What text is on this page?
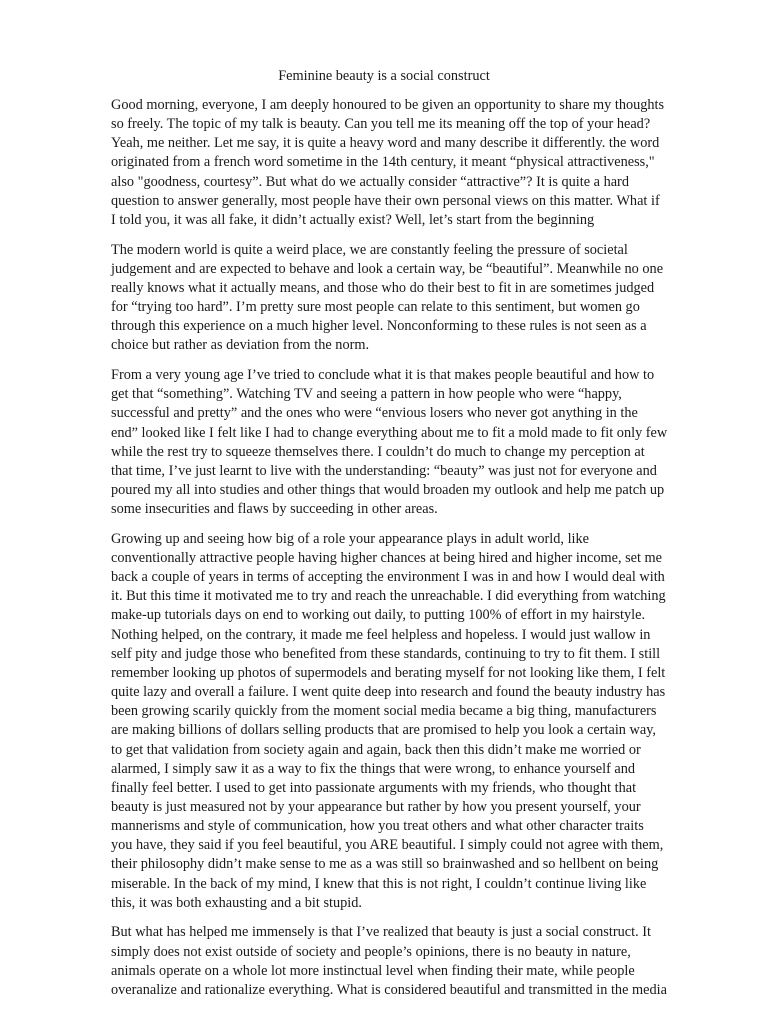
Feminine beauty is a social construct

Good morning, everyone, I am deeply honoured to be given an opportunity to share my thoughts
so freely. The topic of my talk is beauty. Can you tell me its meaning off the top of your head?
Yeah, me neither. Let me say, it is quite a heavy word and many describe it differently. the word
originated from a french word sometime in the 14th century, it meant “physical attractiveness,"
also "goodness, courtesy”. But what do we actually consider “attractive”? It is quite a hard
question to answer generally, most people have their own personal views on this matter. What if
I told you, it was all fake, it didn’t actually exist? Well, let’s start from the beginning

The modern world is quite a weird place, we are constantly feeling the pressure of societal
judgement and are expected to behave and look a certain way, be “beautiful”. Meanwhile no one
really knows what it actually means, and those who do their best to fit in are sometimes judged
for “trying too hard”. I’m pretty sure most people can relate to this sentiment, but women go
through this experience on a much higher level. Nonconforming to these rules is not seen as a
choice but rather as deviation from the norm.

From a very young age I’ve tried to conclude what it is that makes people beautiful and how to
get that “something”. Watching TV and seeing a pattern in how people who were “happy,
successful and pretty” and the ones who were “envious losers who never got anything in the
end” looked like I felt like I had to change everything about me to fit a mold made to fit only few
while the rest try to squeeze themselves there. I couldn’t do much to change my perception at
that time, I’ve just learnt to live with the understanding: “beauty” was just not for everyone and
poured my all into studies and other things that would broaden my outlook and help me patch up
some insecurities and flaws by succeeding in other areas.

Growing up and seeing how big of a role your appearance plays in adult world, like
conventionally attractive people having higher chances at being hired and higher income, set me
back a couple of years in terms of accepting the environment I was in and how I would deal with
it. But this time it motivated me to try and reach the unreachable. I did everything from watching
make-up tutorials days on end to working out daily, to putting 100% of effort in my hairstyle.
Nothing helped, on the contrary, it made me feel helpless and hopeless. I would just wallow in
self pity and judge those who benefited from these standards, continuing to try to fit them. I still
remember looking up photos of supermodels and berating myself for not looking like them, I felt
quite lazy and overall a failure. I went quite deep into research and found the beauty industry has
been growing scarily quickly from the moment social media became a big thing, manufacturers
are making billions of dollars selling products that are promised to help you look a certain way,
to get that validation from society again and again, back then this didn’t make me worried or
alarmed, I simply saw it as a way to fix the things that were wrong, to enhance yourself and
finally feel better. I used to get into passionate arguments with my friends, who thought that
beauty is just measured not by your appearance but rather by how you present yourself, your
mannerisms and style of communication, how you treat others and what other character traits
you have, they said if you feel beautiful, you ARE beautiful. I simply could not agree with them,
their philosophy didn’t make sense to me as a was still so brainwashed and so hellbent on being
miserable. In the back of my mind, I knew that this is not right, I couldn’t continue living like
this, it was both exhausting and a bit stupid.

But what has helped me immensely is that I’ve realized that beauty is just a social construct. It
simply does not exist outside of society and people’s opinions, there is no beauty in nature,
animals operate on a whole lot more instinctual level when finding their mate, while people
overanalize and rationalize everything. What is considered beautiful and transmitted in the media
